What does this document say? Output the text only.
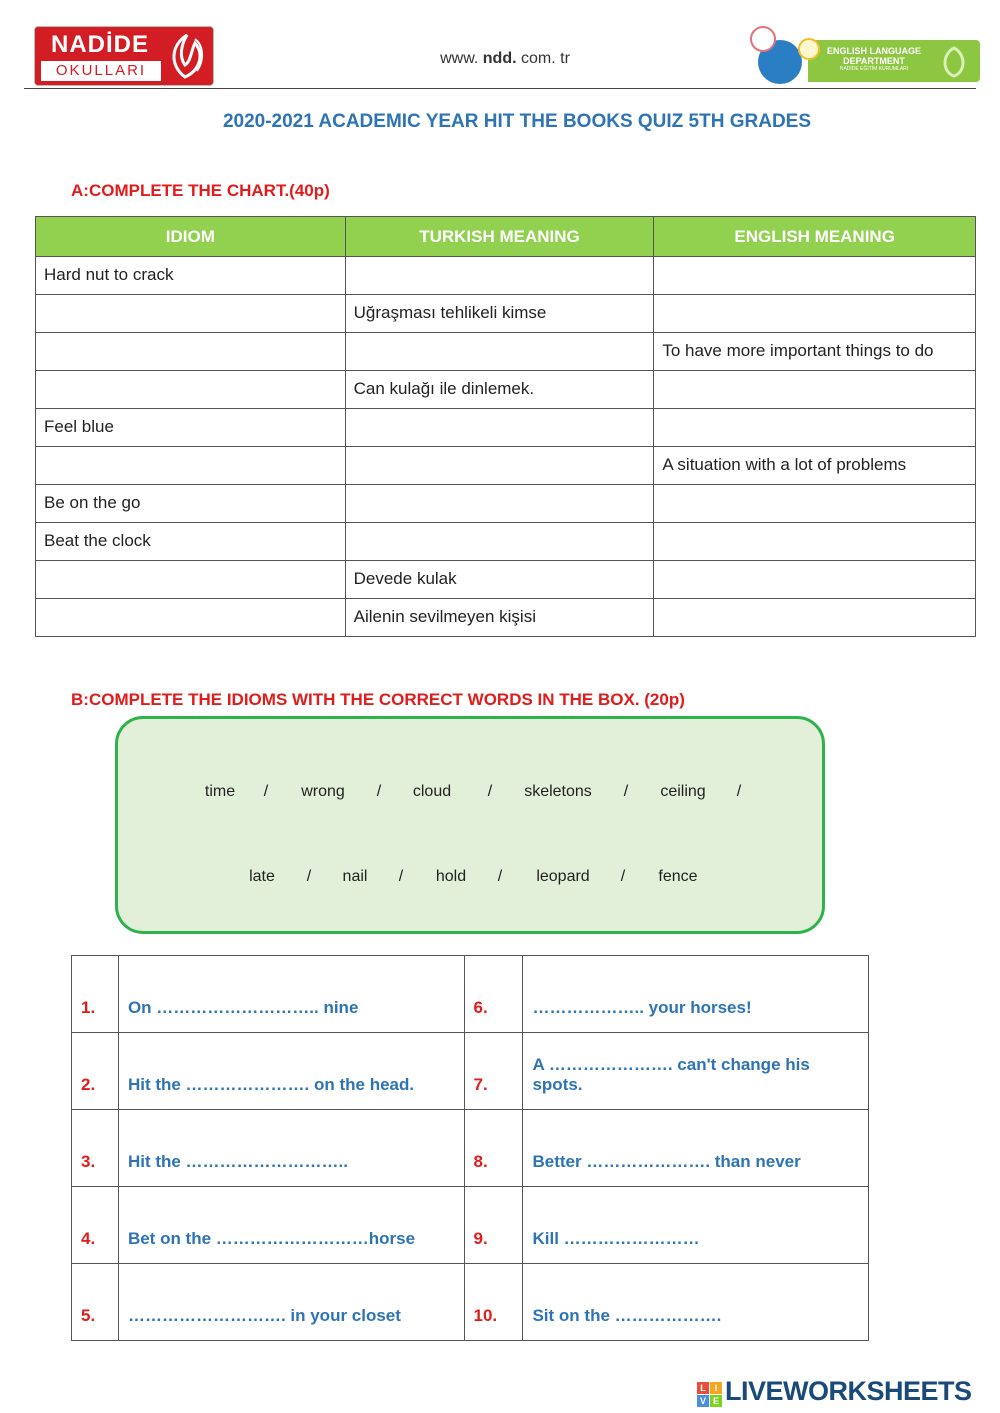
NADİDE
OKULLARI
www. ndd. com. tr	ENGLISH LANGUAGE
DEPARTMENT
NADİDE EĞİTİM KURUMLARI
2020-2021 ACADEMIC YEAR HIT THE BOOKS QUIZ 5TH GRADES
A:COMPLETE THE CHART.(40p)
IDIOM	TURKISH MEANING	ENGLISH MEANING
Hard nut to crack		
	Uğraşması tehlikeli kimse	
		To have more important things to do
	Can kulağı ile dinlemek.	
Feel blue		
		A situation with a lot of problems
Be on the go		
Beat the clock		
	Devede kulak	
	Ailenin sevilmeyen kişisi	
B:COMPLETE THE IDIOMS WITH THE CORRECT WORDS IN THE BOX. (20p)
time / wrong / cloud / skeletons / ceiling /
late / nail / hold / leopard / fence
1.	On ……………………….. nine	6.	……………….. your horses!
2.	Hit the …………………. on the head.	7.	A …………………. can't change his spots.
3.	Hit the ………………………..	8.	Better …………………. than never
4.	Bet on the ………………………horse	9.	Kill ……………………
5.	………………………. in your closet	10.	Sit on the ……………….
L I
V E LIVEWORKSHEETS
